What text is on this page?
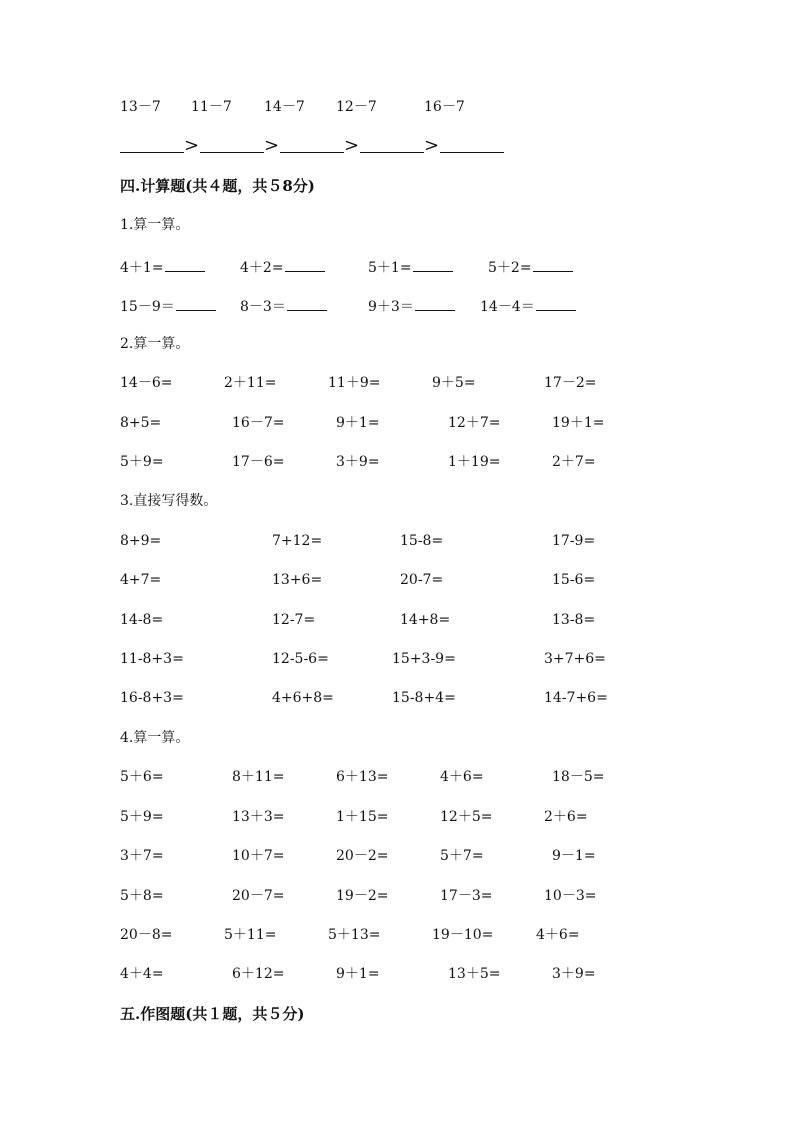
13－7 11－7 14－7 12－7	16－7
>	>	>	>
四.计算题(共４题，共５8分)
1.算一算。
4＋1=	4＋2=	5＋1=	5＋2=
15－9＝	8－3＝	9＋3＝	14－4＝
2.算一算。
14－6=	2＋11=	11＋9=	9＋5=	17－2=
8+5=	16－7=	9＋1=	12＋7=	19＋1=
5＋9=	17－6=	3＋9=	1＋19=	2＋7=
3.直接写得数。
8+9=	7+12=	15-8=	17-9=
4+7=	13+6=	20-7=	15-6=
14-8=	12-7=	14+8=	13-8=
11-8+3=	12-5-6=	15+3-9=	3+7+6=
16-8+3=	4+6+8=	15-8+4=	14-7+6=
4.算一算。
5＋6=	8＋11=	6＋13=	4＋6=	18－5=
5＋9=	13＋3=	1＋15=	12＋5=	2＋6=
3＋7=	10＋7=	20－2=	5＋7=	9－1=
5＋8=	20－7=	19－2=	17－3=	10－3=
20－8=	5＋11=	5＋13=	19－10=	4＋6=
4＋4=	6＋12=	9＋1=	13＋5=	3＋9=
五.作图题(共１题，共５分)
